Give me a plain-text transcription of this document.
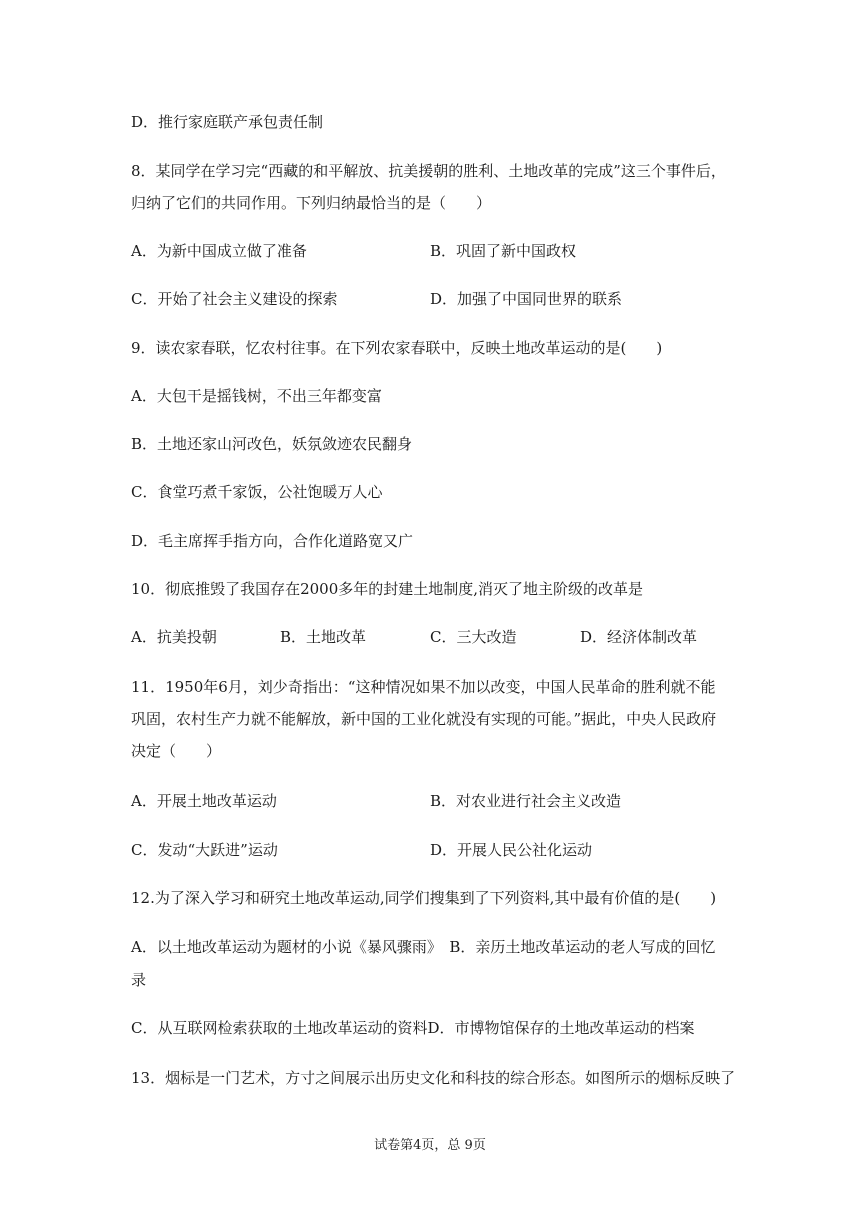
D．推行家庭联产承包责任制
8．某同学在学习完“西藏的和平解放、抗美援朝的胜利、土地改革的完成”这三个事件后，
归纳了它们的共同作用。下列归纳最恰当的是（　　）
A．为新中国成立做了准备	B．巩固了新中国政权
C．开始了社会主义建设的探索	D．加强了中国同世界的联系
9．读农家春联，忆农村往事。在下列农家春联中，反映土地改革运动的是(　　)
A．大包干是摇钱树，不出三年都变富
B．土地还家山河改色，妖氛敛迹农民翻身
C．食堂巧煮千家饭，公社饱暖万人心
D．毛主席挥手指方向，合作化道路宽又广
10．彻底推毁了我国存在2000多年的封建土地制度,消灭了地主阶级的改革是
A．抗美投朝	B．土地改革	C．三大改造	D．经济体制改革
11．1950年6月，刘少奇指出：“这种情况如果不加以改变，中国人民革命的胜利就不能
巩固，农村生产力就不能解放，新中国的工业化就没有实现的可能。”据此，中央人民政府
决定（　　）
A．开展土地改革运动	B．对农业进行社会主义改造
C．发动“大跃进”运动	D．开展人民公社化运动
12.为了深入学习和研究土地改革运动,同学们搜集到了下列资料,其中最有价值的是(　　)
A．以土地改革运动为题材的小说《暴风骤雨》　B．亲历土地改革运动的老人写成的回忆
录
C．从互联网检索获取的土地改革运动的资料D．市博物馆保存的土地改革运动的档案
13．烟标是一门艺术，方寸之间展示出历史文化和科技的综合形态。如图所示的烟标反映了
试卷第4页，总 9页
